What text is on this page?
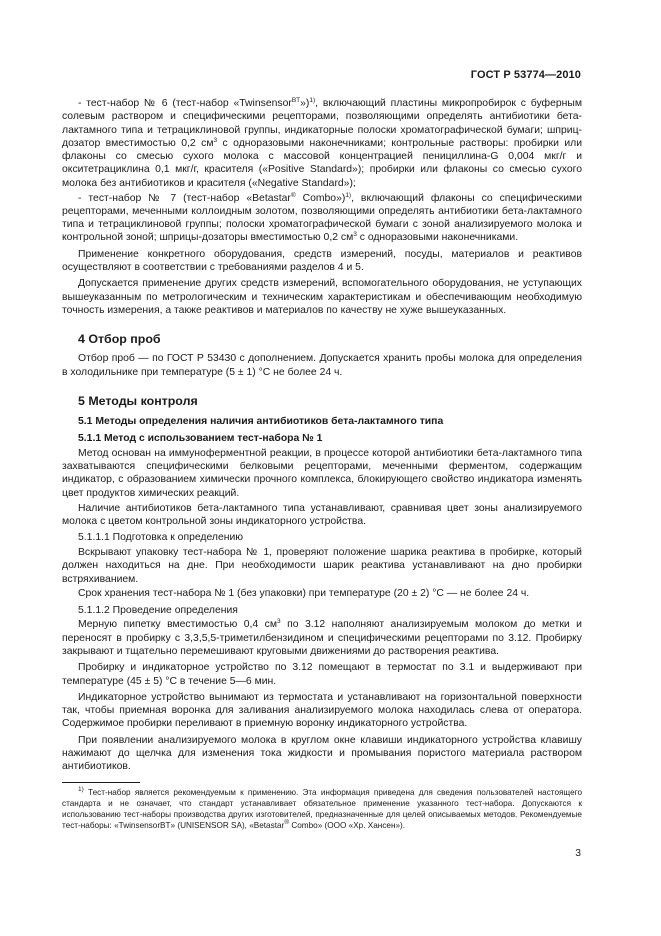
ГОСТ Р 53774—2010

- тест-набор № 6 (тест-набор «Twinsensor$^{BT}$»)$^{1)}$, включающий пластины микропробирок с буферным солевым раствором и специфическими рецепторами, позволяющими определять антибиотики бета-лактамного типа и тетрациклиновой группы, индикаторные полоски хроматографической бумаги; шприц-дозатор вместимостью 0,2 $см^3$ с одноразовыми наконечниками; контрольные растворы: пробирки или флаконы со смесью сухого молока с массовой концентрацией пенициллина-G 0,004 мкг/г и окситетрациклина 0,1 мкг/г, красителя («Positive Standard»); пробирки или флаконы со смесью сухого молока без антибиотиков и красителя («Negative Standard»);

- тест-набор № 7 (тест-набор «Betastar® Combo»)$^{1)}$, включающий флаконы со специфическими рецепторами, меченными коллоидным золотом, позволяющими определять антибиотики бета-лактамного типа и тетрациклиновой группы; полоски хроматографической бумаги с зоной анализируемого молока и контрольной зоной; шприцы-дозаторы вместимостью 0,2 $см^3$ с одноразовыми наконечниками.

Применение конкретного оборудования, средств измерений, посуды, материалов и реактивов осуществляют в соответствии с требованиями разделов 4 и 5.

Допускается применение других средств измерений, вспомогательного оборудования, не уступающих вышеуказанным по метрологическим и техническим характеристикам и обеспечивающим необходимую точность измерения, а также реактивов и материалов по качеству не хуже вышеуказанных.

4 Отбор проб

Отбор проб — по ГОСТ Р 53430 с дополнением. Допускается хранить пробы молока для определения в холодильнике при температуре (5 ± 1) °С не более 24 ч.

5 Методы контроля
5.1 Методы определения наличия антибиотиков бета-лактамного типа
5.1.1 Метод с использованием тест-набора № 1

Метод основан на иммуноферментной реакции, в процессе которой антибиотики бета-лактамного типа захватываются специфическими белковыми рецепторами, меченными ферментом, содержащим индикатор, с образованием химически прочного комплекса, блокирующего свойство индикатора изменять цвет продуктов химических реакций.

Наличие антибиотиков бета-лактамного типа устанавливают, сравнивая цвет зоны анализируемого молока с цветом контрольной зоны индикаторного устройства.

5.1.1.1 Подготовка к определению

Вскрывают упаковку тест-набора № 1, проверяют положение шарика реактива в пробирке, который должен находиться на дне. При необходимости шарик реактива устанавливают на дно пробирки встряхиванием.

Срок хранения тест-набора № 1 (без упаковки) при температуре (20 ± 2) °С — не более 24 ч.

5.1.1.2 Проведение определения

Мерную пипетку вместимостью 0,4 $см^3$ по 3.12 наполняют анализируемым молоком до метки и переносят в пробирку с 3,3,5,5-триметилбензидином и специфическими рецепторами по 3.12. Пробирку закрывают и тщательно перемешивают круговыми движениями до растворения реактива.

Пробирку и индикаторное устройство по 3.12 помещают в термостат по 3.1 и выдерживают при температуре (45 ± 5) °С в течение 5—6 мин.

Индикаторное устройство вынимают из термостата и устанавливают на горизонтальной поверхности так, чтобы приемная воронка для заливания анализируемого молока находилась слева от оператора. Содержимое пробирки переливают в приемную воронку индикаторного устройства.

При появлении анализируемого молока в круглом окне клавиши индикаторного устройства клавишу нажимают до щелчка для изменения тока жидкости и промывания пористого материала раствором антибиотиков.

$^{1)}$ Тест-набор является рекомендуемым к применению. Эта информация приведена для сведения пользователей настоящего стандарта и не означает, что стандарт устанавливает обязательное применение указанного тест-набора. Допускаются к использованию тест-наборы производства других изготовителей, предназначенные для целей описываемых методов. Рекомендуемые тест-наборы: «TwinsensorBT» (UNISENSOR SA), «Betastar® Combo» (ООО «Хр. Хансен»).

3
